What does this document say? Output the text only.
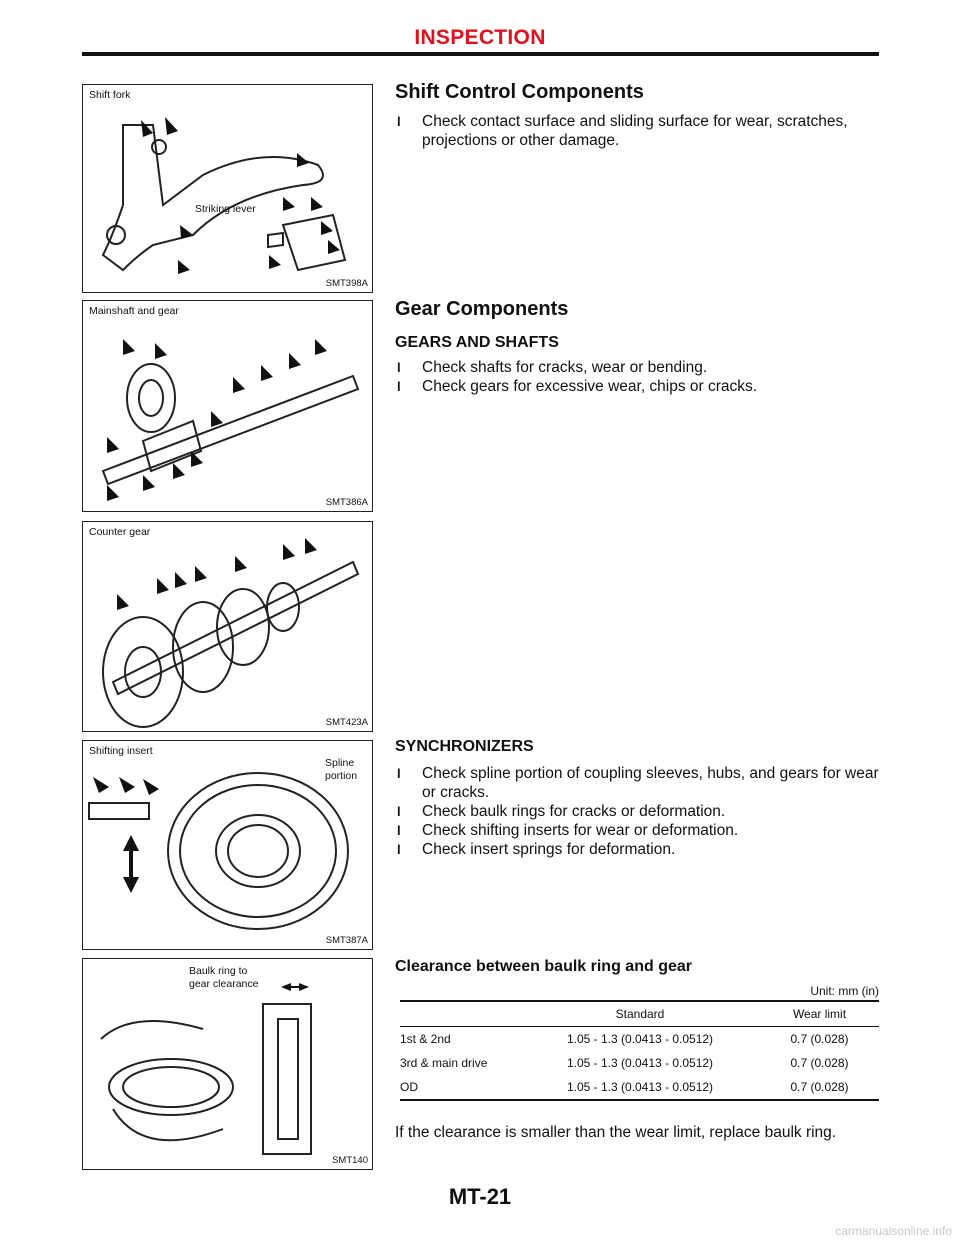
INSPECTION
Shift fork
Striking lever
SMT398A
Mainshaft and gear
SMT386A
Counter gear
SMT423A
Shifting insert
Spline
portion
SMT387A
Baulk ring to
gear clearance
SMT140
Shift Control Components
l Check contact surface and sliding surface for wear, scratches, projections or other damage.
Gear Components
GEARS AND SHAFTS
l Check shafts for cracks, wear or bending.
l Check gears for excessive wear, chips or cracks.
SYNCHRONIZERS
l Check spline portion of coupling sleeves, hubs, and gears for wear or cracks.
l Check baulk rings for cracks or deformation.
l Check shifting inserts for wear or deformation.
l Check insert springs for deformation.
Clearance between baulk ring and gear
Unit: mm (in)
	Standard	Wear limit
1st & 2nd	1.05 - 1.3 (0.0413 - 0.0512)	0.7 (0.028)
3rd & main drive	1.05 - 1.3 (0.0413 - 0.0512)	0.7 (0.028)
OD	1.05 - 1.3 (0.0413 - 0.0512)	0.7 (0.028)
If the clearance is smaller than the wear limit, replace baulk ring.
MT-21
carmanualsonline.info
